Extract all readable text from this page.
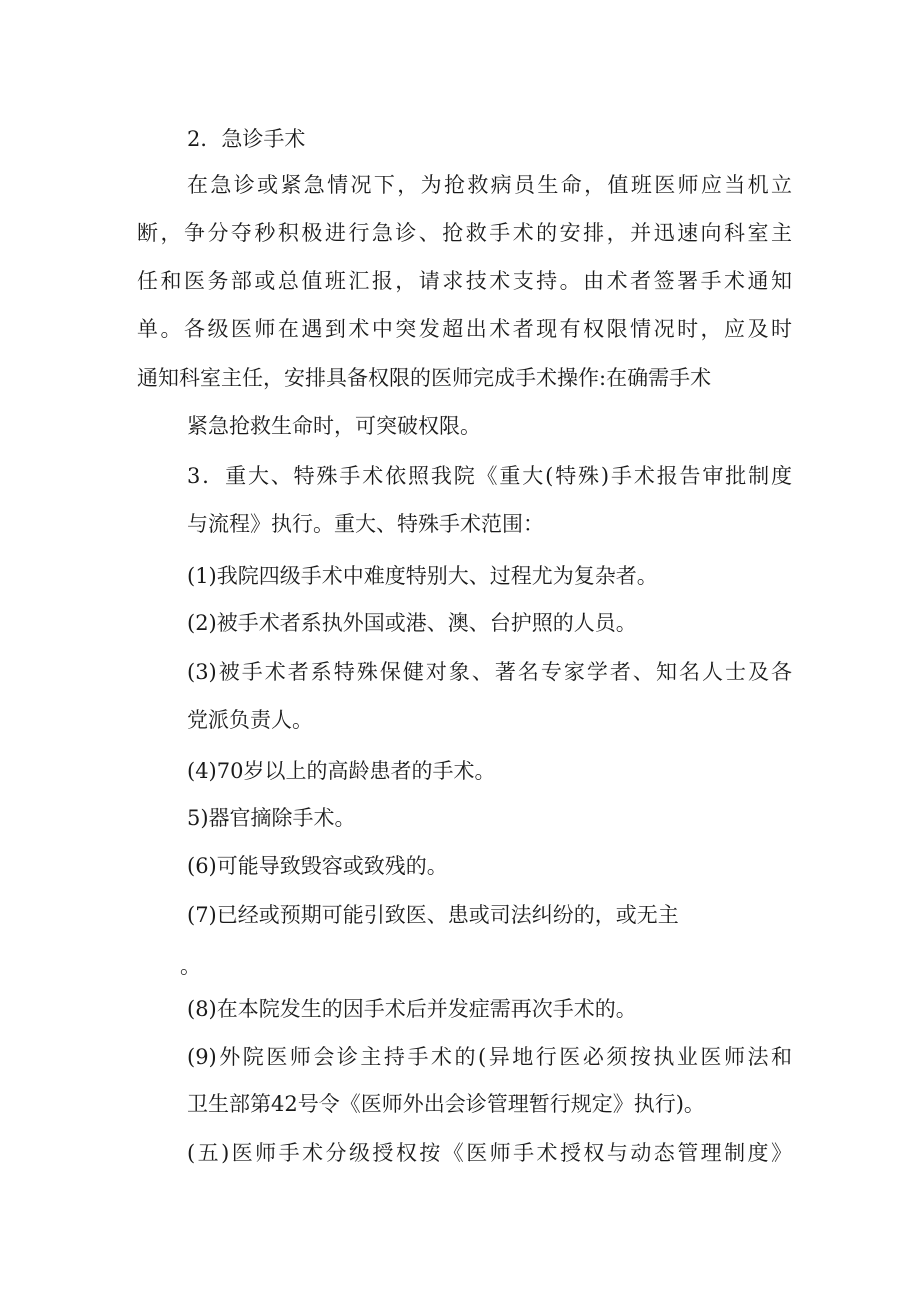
2．急诊手术

在急诊或紧急情况下，为抢救病员生命，值班医师应当机立

断，争分夺秒积极进行急诊、抢救手术的安排，并迅速向科室主

任和医务部或总值班汇报，请求技术支持。由术者签署手术通知

单。各级医师在遇到术中突发超出术者现有权限情况时，应及时

通知科室主任，安排具备权限的医师完成手术操作:在确需手术

紧急抢救生命时，可突破权限。

3．重大、特殊手术依照我院《重大(特殊)手术报告审批制度

与流程》执行。重大、特殊手术范围：

(1)我院四级手术中难度特别大、过程尤为复杂者。

(2)被手术者系执外国或港、澳、台护照的人员。

(3)被手术者系特殊保健对象、著名专家学者、知名人士及各

党派负责人。

(4)70岁以上的高龄患者的手术。

5)器官摘除手术。

(6)可能导致毁容或致残的。

(7)已经或预期可能引致医、患或司法纠纷的，或无主

。

(8)在本院发生的因手术后并发症需再次手术的。

(9)外院医师会诊主持手术的(异地行医必须按执业医师法和

卫生部第42号令《医师外出会诊管理暂行规定》执行)。

(五)医师手术分级授权按《医师手术授权与动态管理制度》
